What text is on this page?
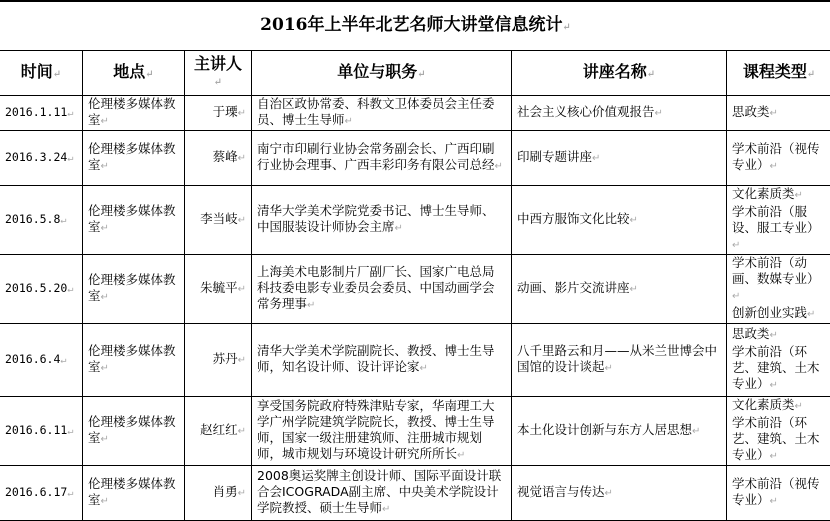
2016年上半年北艺名师大讲堂信息统计 ↵
时间 ↵	地点 ↵	主讲人 ↵	单位与职务 ↵	讲座名称 ↵	课程类型 ↵
2016.1.11 ↵	伦理楼多媒体教室 ↵	于瑮 ↵	自治区政协常委、科教文卫体委员会主任委员、博士生导师 ↵	社会主义核心价值观报告 ↵	思政类 ↵

2016.3.24 ↵	伦理楼多媒体教室 ↵	蔡峰 ↵	南宁市印刷行业协会常务副会长、广西印刷行业协会理事、广西丰彩印务有限公司总经 ↵	印刷专题讲座 ↵	学术前沿（视传专业） ↵

2016.5.8 ↵	伦理楼多媒体教室 ↵	李当岐 ↵	清华大学美术学院党委书记、博士生导师、中国服装设计师协会主席 ↵	中西方服饰文化比较 ↵	文化素质类 ↵
学术前沿（服设、服工专业） ↵

2016.5.20 ↵	伦理楼多媒体教室 ↵	朱毓平 ↵	上海美术电影制片厂副厂长、国家广电总局科技委电影专业委员会委员、中国动画学会常务理事 ↵	动画、影片交流讲座 ↵	学术前沿（动画、数媒专业） ↵
创新创业实践 ↵

2016.6.4 ↵	伦理楼多媒体教室 ↵	苏丹 ↵	清华大学美术学院副院长、教授、博士生导师，知名设计师、设计评论家 ↵	八千里路云和月——从米兰世博会中国馆的设计谈起 ↵	思政类 ↵
学术前沿（环艺、建筑、土木专业） ↵

2016.6.11 ↵	伦理楼多媒体教室 ↵	赵红红 ↵	享受国务院政府特殊津贴专家，华南理工大学广州学院建筑学院院长，教授、博士生导师，国家一级注册建筑师、注册城市规划师，城市规划与环境设计研究所所长 ↵	本土化设计创新与东方人居思想 ↵	文化素质类 ↵
学术前沿（环艺、建筑、土木专业） ↵

2016.6.17 ↵	伦理楼多媒体教室 ↵	肖勇 ↵	2008奥运奖牌主创设计师、国际平面设计联合会ICOGRADA副主席、中央美术学院设计学院教授、硕士生导师 ↵	视觉语言与传达 ↵	学术前沿（视传专业） ↵
